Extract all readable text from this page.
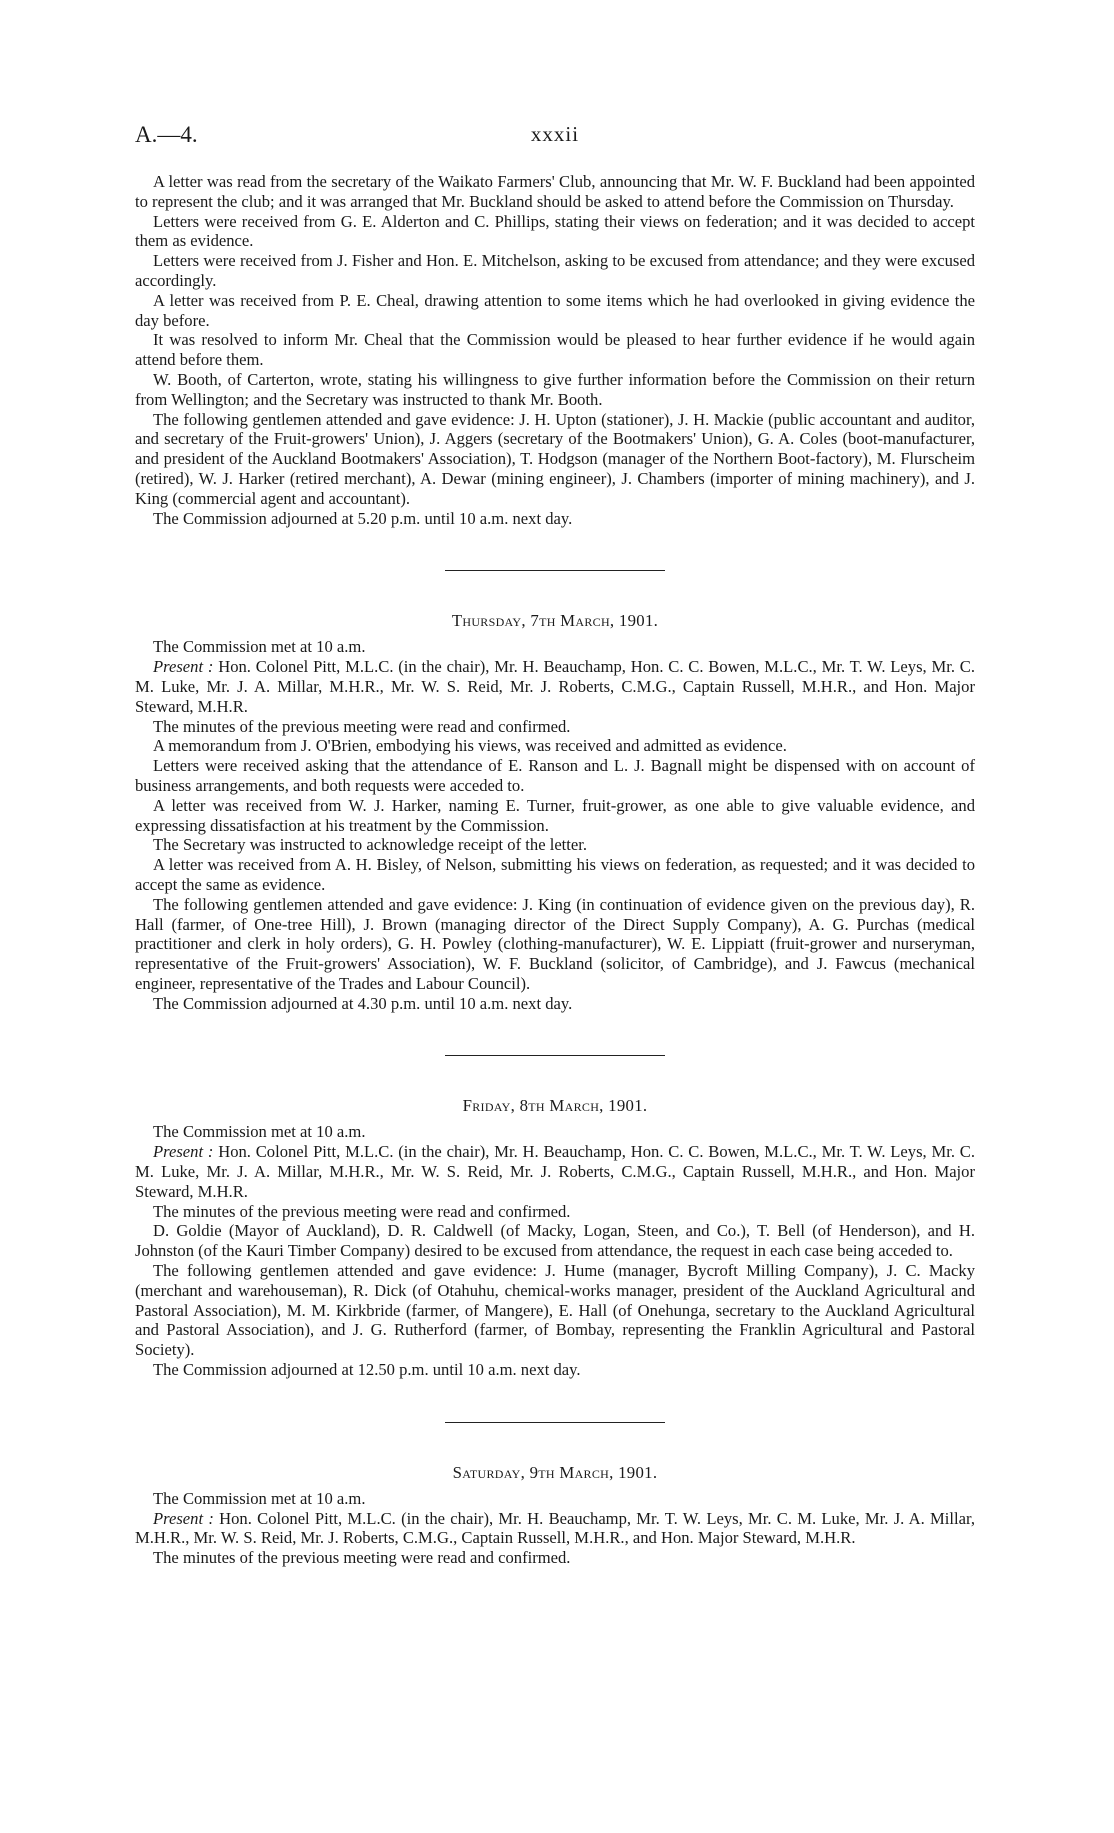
A.—4.	xxxii

A letter was read from the secretary of the Waikato Farmers' Club, announcing that Mr. W. F. Buckland had been appointed to represent the club; and it was arranged that Mr. Buckland should be asked to attend before the Commission on Thursday.

Letters were received from G. E. Alderton and C. Phillips, stating their views on federation; and it was decided to accept them as evidence.

Letters were received from J. Fisher and Hon. E. Mitchelson, asking to be excused from attendance; and they were excused accordingly.

A letter was received from P. E. Cheal, drawing attention to some items which he had overlooked in giving evidence the day before.

It was resolved to inform Mr. Cheal that the Commission would be pleased to hear further evidence if he would again attend before them.

W. Booth, of Carterton, wrote, stating his willingness to give further information before the Commission on their return from Wellington; and the Secretary was instructed to thank Mr. Booth.

The following gentlemen attended and gave evidence: J. H. Upton (stationer), J. H. Mackie (public accountant and auditor, and secretary of the Fruit-growers' Union), J. Aggers (secretary of the Bootmakers' Union), G. A. Coles (boot-manufacturer, and president of the Auckland Bootmakers' Association), T. Hodgson (manager of the Northern Boot-factory), M. Flurscheim (retired), W. J. Harker (retired merchant), A. Dewar (mining engineer), J. Chambers (importer of mining machinery), and J. King (commercial agent and accountant).

The Commission adjourned at 5.20 p.m. until 10 a.m. next day.

Thursday, 7th March, 1901.

The Commission met at 10 a.m.

Present : Hon. Colonel Pitt, M.L.C. (in the chair), Mr. H. Beauchamp, Hon. C. C. Bowen, M.L.C., Mr. T. W. Leys, Mr. C. M. Luke, Mr. J. A. Millar, M.H.R., Mr. W. S. Reid, Mr. J. Roberts, C.M.G., Captain Russell, M.H.R., and Hon. Major Steward, M.H.R.

The minutes of the previous meeting were read and confirmed.

A memorandum from J. O'Brien, embodying his views, was received and admitted as evidence.

Letters were received asking that the attendance of E. Ranson and L. J. Bagnall might be dispensed with on account of business arrangements, and both requests were acceded to.

A letter was received from W. J. Harker, naming E. Turner, fruit-grower, as one able to give valuable evidence, and expressing dissatisfaction at his treatment by the Commission.

The Secretary was instructed to acknowledge receipt of the letter.

A letter was received from A. H. Bisley, of Nelson, submitting his views on federation, as requested; and it was decided to accept the same as evidence.

The following gentlemen attended and gave evidence: J. King (in continuation of evidence given on the previous day), R. Hall (farmer, of One-tree Hill), J. Brown (managing director of the Direct Supply Company), A. G. Purchas (medical practitioner and clerk in holy orders), G. H. Powley (clothing-manufacturer), W. E. Lippiatt (fruit-grower and nurseryman, representative of the Fruit-growers' Association), W. F. Buckland (solicitor, of Cambridge), and J. Fawcus (mechanical engineer, representative of the Trades and Labour Council).

The Commission adjourned at 4.30 p.m. until 10 a.m. next day.

Friday, 8th March, 1901.

The Commission met at 10 a.m.

Present : Hon. Colonel Pitt, M.L.C. (in the chair), Mr. H. Beauchamp, Hon. C. C. Bowen, M.L.C., Mr. T. W. Leys, Mr. C. M. Luke, Mr. J. A. Millar, M.H.R., Mr. W. S. Reid, Mr. J. Roberts, C.M.G., Captain Russell, M.H.R., and Hon. Major Steward, M.H.R.

The minutes of the previous meeting were read and confirmed.

D. Goldie (Mayor of Auckland), D. R. Caldwell (of Macky, Logan, Steen, and Co.), T. Bell (of Henderson), and H. Johnston (of the Kauri Timber Company) desired to be excused from attendance, the request in each case being acceded to.

The following gentlemen attended and gave evidence: J. Hume (manager, Bycroft Milling Company), J. C. Macky (merchant and warehouseman), R. Dick (of Otahuhu, chemical-works manager, president of the Auckland Agricultural and Pastoral Association), M. M. Kirkbride (farmer, of Mangere), E. Hall (of Onehunga, secretary to the Auckland Agricultural and Pastoral Association), and J. G. Rutherford (farmer, of Bombay, representing the Franklin Agricultural and Pastoral Society).

The Commission adjourned at 12.50 p.m. until 10 a.m. next day.

Saturday, 9th March, 1901.

The Commission met at 10 a.m.

Present : Hon. Colonel Pitt, M.L.C. (in the chair), Mr. H. Beauchamp, Mr. T. W. Leys, Mr. C. M. Luke, Mr. J. A. Millar, M.H.R., Mr. W. S. Reid, Mr. J. Roberts, C.M.G., Captain Russell, M.H.R., and Hon. Major Steward, M.H.R.

The minutes of the previous meeting were read and confirmed.
